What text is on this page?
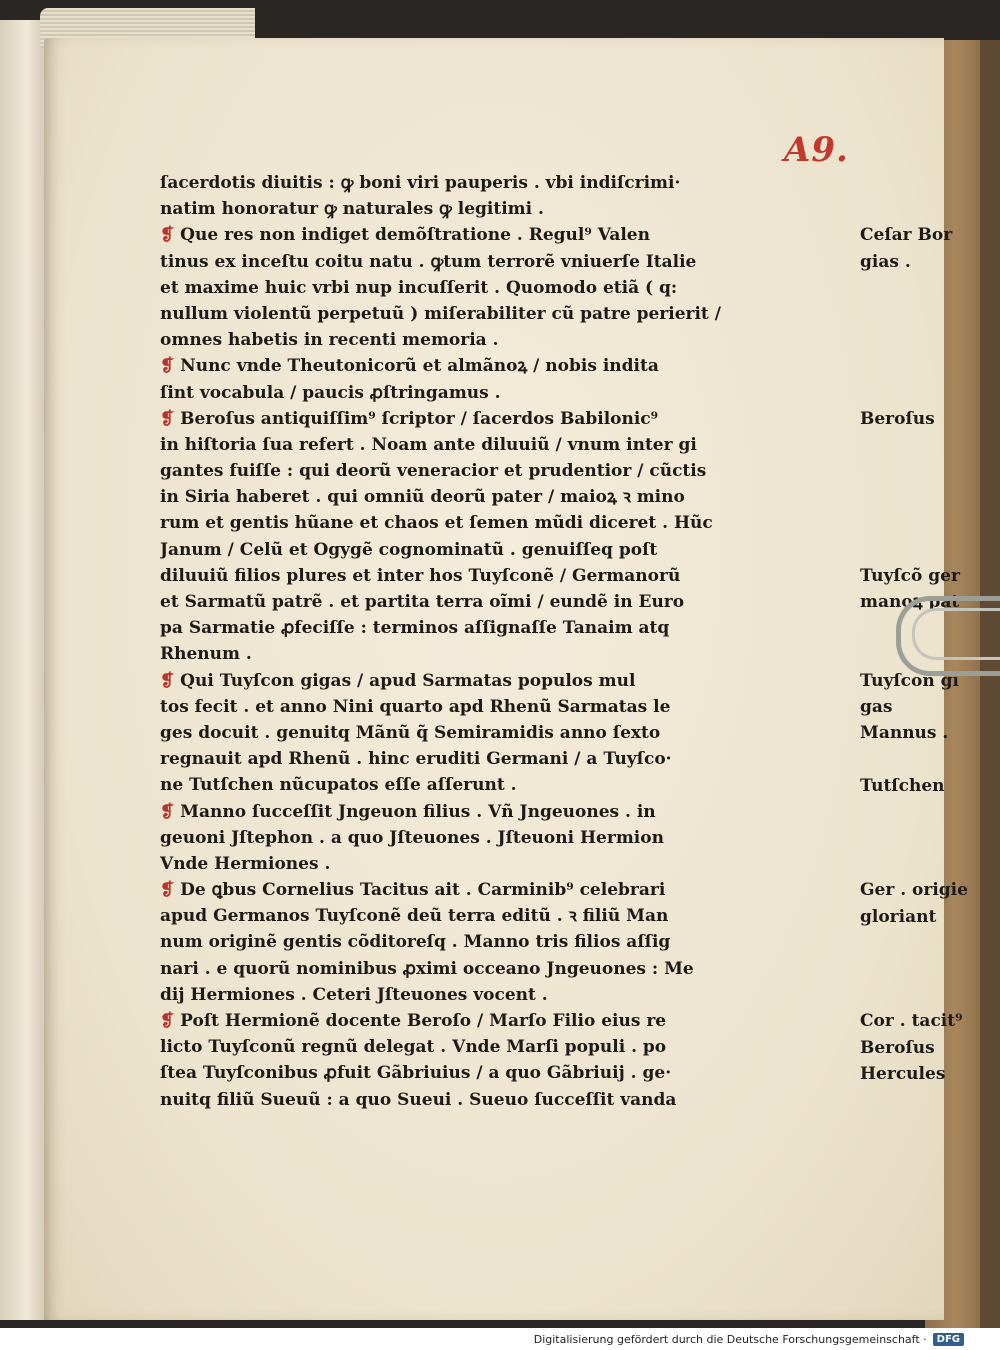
A9.
ſacerdotis diuitis : ꝙ boni viri pauperis . vbi indiſcrimi·
natim honoratur ꝙ naturales ꝙ legitimi .
❡ Que res non indiget demõſtratione . Regul⁹ Valen
tinus ex inceſtu coitu natu . ꝙtum terrorẽ vniuerſe Italie
et maxime huic vrbi nup incuſſerit . Quomodo etiã ( q:
nullum violentũ perpetuũ ) miſerabiliter cũ patre perierit /
omnes habetis in recenti memoria .
❡ Nunc vnde Theutonicorũ et almãnoꝝ / nobis indita
ſint vocabula / paucis ꝓſtringamus .
❡ Beroſus antiquiſſim⁹ ſcriptor / ſacerdos Babilonic⁹
in hiſtoria ſua refert . Noam ante diluuiũ / vnum inter gi
gantes fuiſſe : qui deorũ veneracior et prudentior / cũctis
in Siria haberet . qui omniũ deorũ pater / maioꝝ ꝛ mino
rum et gentis hũane et chaos et ſemen mũdi diceret . Hũc
Janum / Celũ et Ogygẽ cognominatũ . genuiſſeq poſt
diluuiũ filios plures et inter hos Tuyſconẽ / Germanorũ
et Sarmatũ patrẽ . et partita terra oĩmi / eundẽ in Euro
pa Sarmatie ꝓfeciſſe : terminos aſſignaſſe Tanaim atq
Rhenum .
❡ Qui Tuyſcon gigas / apud Sarmatas populos mul
tos fecit . et anno Nini quarto apd Rhenũ Sarmatas le
ges docuit . genuitq Mãnũ q̃ Semiramidis anno ſexto
regnauit apd Rhenũ . hinc eruditi Germani / a Tuyſco·
ne Tutſchen nũcupatos eſſe aſſerunt .
❡ Manno ſucceſſit Jngeuon filius . Vñ Jngeuones . in
geuoni Jſtephon . a quo Jſteuones . Jſteuoni Hermion
Vnde Hermiones .
❡ De ꝗbus Cornelius Tacitus ait . Carminib⁹ celebrari
apud Germanos Tuyſconẽ deũ terra editũ . ꝛ filiũ Man
num originẽ gentis cõditoreſq . Manno tris filios aſſig
nari . e quorũ nominibus ꝓximi occeano Jngeuones : Me
dij Hermiones . Ceteri Jſteuones vocent .
❡ Poſt Hermionẽ docente Beroſo / Marſo Filio eius re
licto Tuyſconũ regnũ delegat . Vnde Marſi populi . po
ſtea Tuyſconibus ꝓfuit Gãbriuius / a quo Gãbriuij . ge·
nuitq filiũ Sueuũ : a quo Sueui . Sueuo ſucceſſit vanda
Ceſar Bor
gias .
Beroſus
Tuyſcõ ger
manoꝝ pat
Tuyſcon gi
gas
Mannus .
Tutſchen
Ger . origie
gloriant
Cor . tacit⁹
Beroſus
Hercules
Digitalisierung gefördert durch die Deutsche Forschungsgemeinschaft ·	DFG
